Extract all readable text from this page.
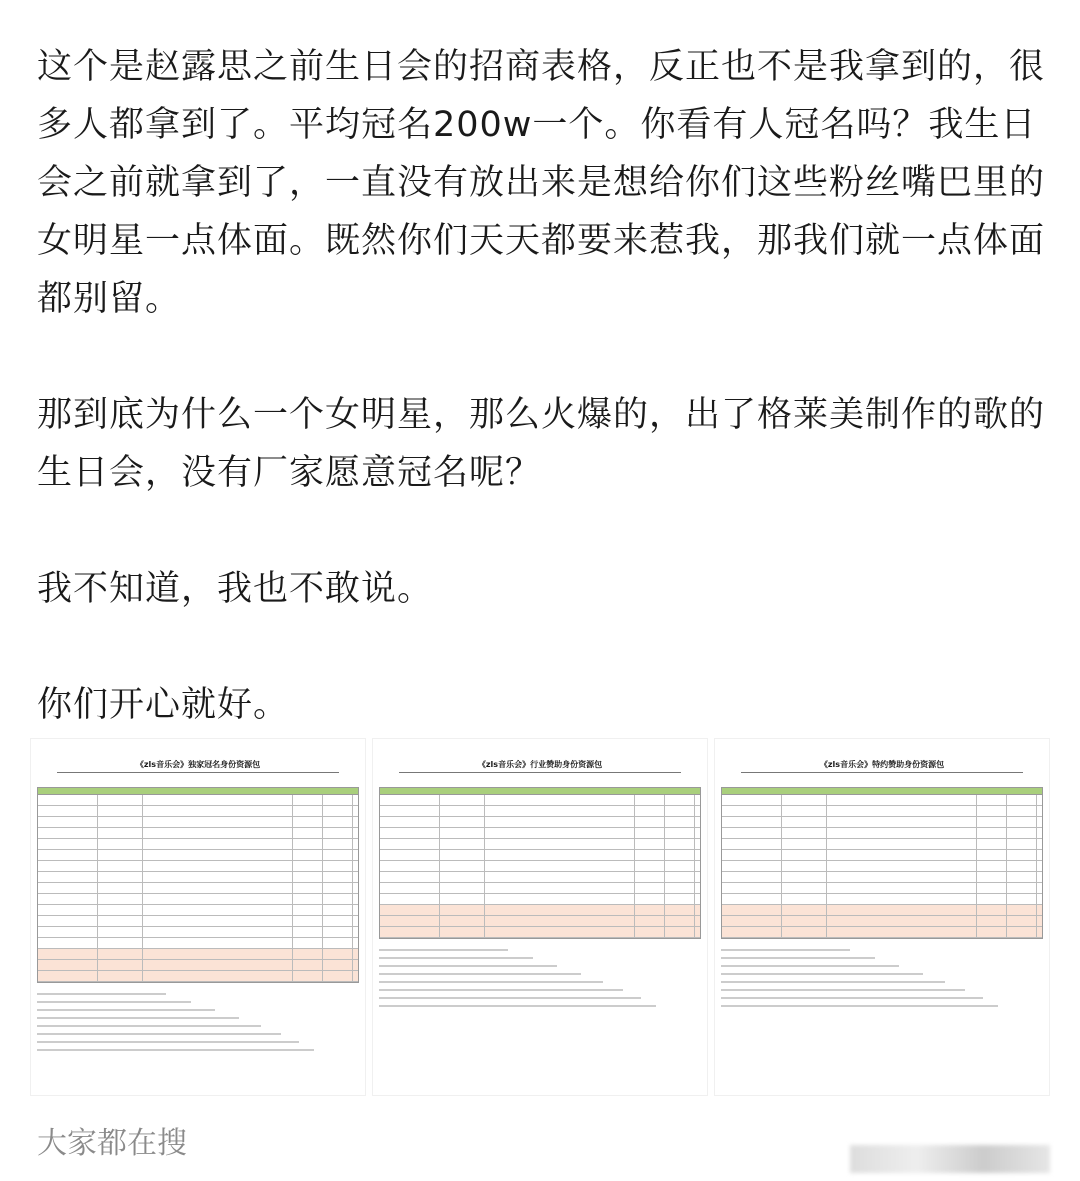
这个是赵露思之前生日会的招商表格，反正也不是我拿到的，很多人都拿到了。平均冠名200w一个。你看有人冠名吗？我生日会之前就拿到了，一直没有放出来是想给你们这些粉丝嘴巴里的女明星一点体面。既然你们天天都要来惹我，那我们就一点体面都别留。

那到底为什么一个女明星，那么火爆的，出了格莱美制作的歌的生日会，没有厂家愿意冠名呢？

我不知道，我也不敢说。

你们开心就好。

《zls音乐会》独家冠名身份资源包	《zls音乐会》行业赞助身份资源包	《zls音乐会》特约赞助身份资源包
大家都在搜
